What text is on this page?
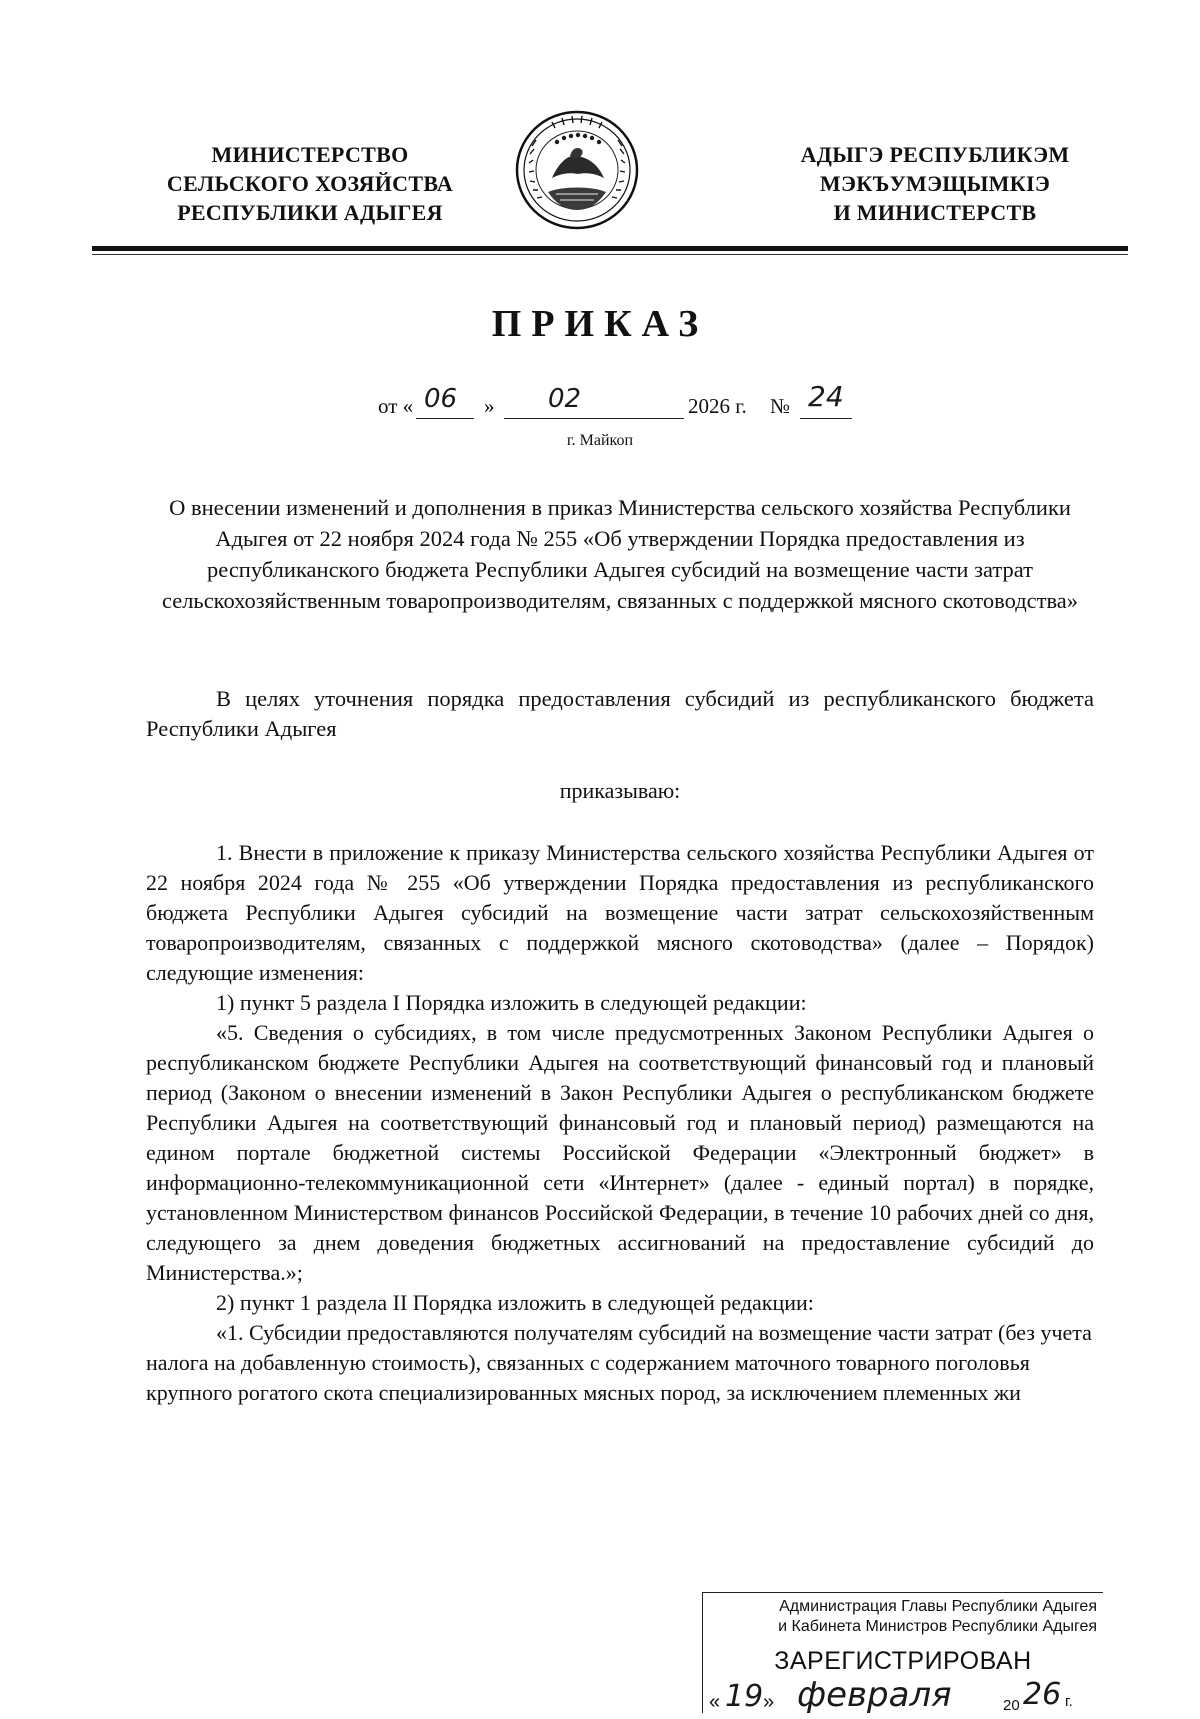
МИНИСТЕРСТВО
СЕЛЬСКОГО ХОЗЯЙСТВА
РЕСПУБЛИКИ АДЫГЕЯ
АДЫГЭ РЕСПУБЛИКЭМ
МЭКЪУМЭЩЫМКIЭ
И МИНИСТЕРСТВ
ПРИКАЗ
от « 06 » 02	2026 г. № 24
г. Майкоп
О внесении изменений и дополнения в приказ Министерства сельского хозяйства Республики Адыгея от 22 ноября 2024 года № 255 «Об утверждении Порядка предоставления из республиканского бюджета Республики Адыгея субсидий на возмещение части затрат сельскохозяйственным товаропроизводителям, связанных с поддержкой мясного скотоводства»
В целях уточнения порядка предоставления субсидий из республиканского бюджета Республики Адыгея
приказываю:

1. Внести в приложение к приказу Министерства сельского хозяйства Республики Адыгея от 22 ноября 2024 года № 255 «Об утверждении Порядка предоставления из республиканского бюджета Республики Адыгея субсидий на возмещение части затрат сельскохозяйственным товаропроизводителям, связанных с поддержкой мясного скотоводства» (далее – Порядок) следующие изменения:

1) пункт 5 раздела I Порядка изложить в следующей редакции:

«5. Сведения о субсидиях, в том числе предусмотренных Законом Республики Адыгея о республиканском бюджете Республики Адыгея на соответствующий финансовый год и плановый период (Законом о внесении изменений в Закон Республики Адыгея о республиканском бюджете Республики Адыгея на соответствующий финансовый год и плановый период) размещаются на едином портале бюджетной системы Российской Федерации «Электронный бюджет» в информационно-телекоммуникационной сети «Интернет» (далее - единый портал) в порядке, установленном Министерством финансов Российской Федерации, в течение 10 рабочих дней со дня, следующего за днем доведения бюджетных ассигнований на предоставление субсидий до Министерства.»;

2) пункт 1 раздела II Порядка изложить в следующей редакции:

«1. Субсидии предоставляются получателям субсидий на возмещение части затрат (без учета налога на добавленную стоимость), связанных с содержанием маточного товарного поголовья крупного рогатого скота специализированных мясных пород, за исключением племенных жи

Администрация Главы Республики Адыгея
и Кабинета Министров Республики Адыгея
ЗАРЕГИСТРИРОВАН
« 19 » февраля	20 26 г.
